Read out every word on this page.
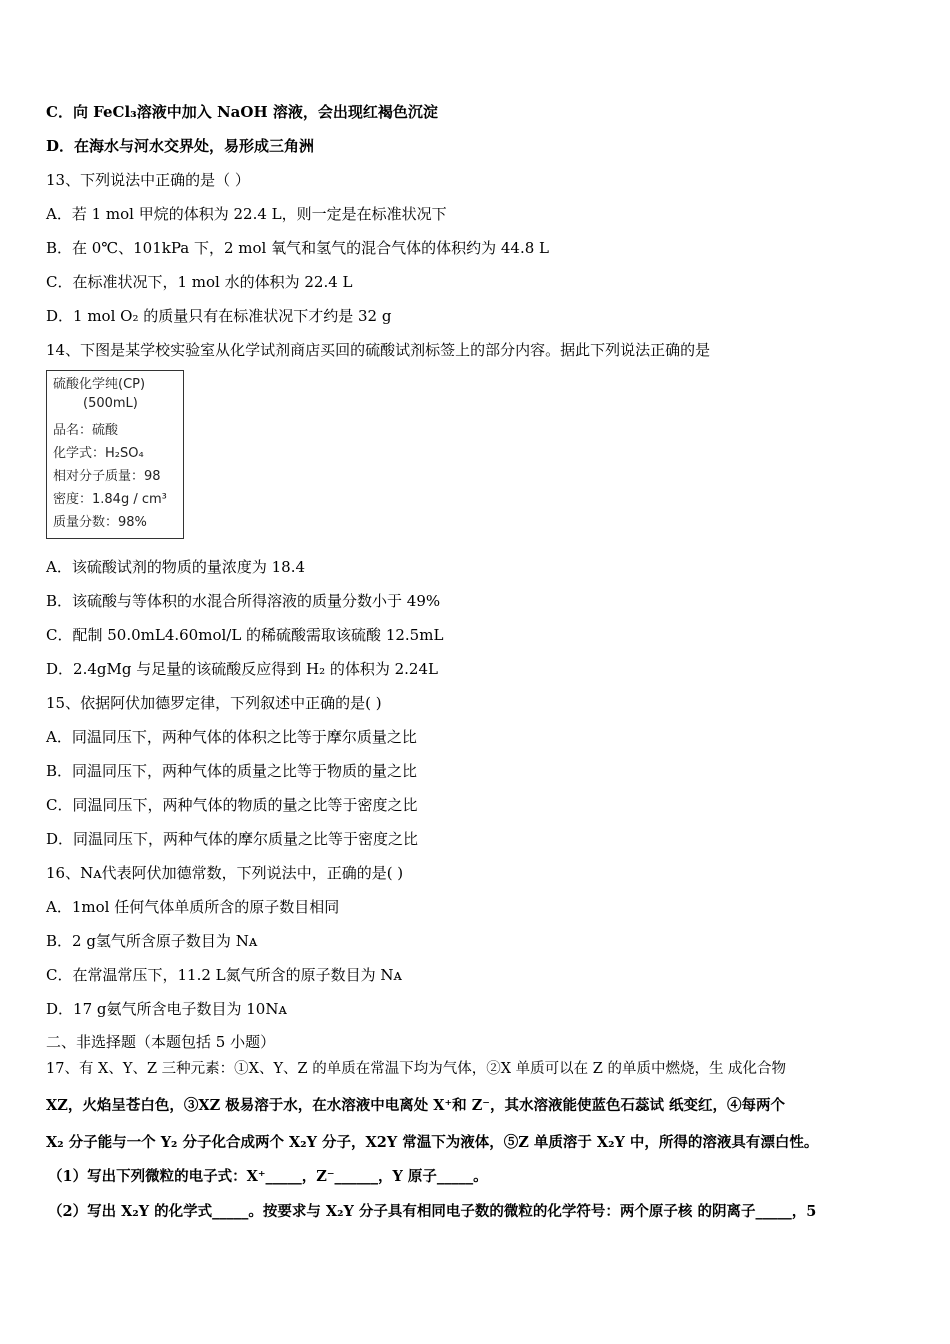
C．向 FeCl₃溶液中加入 NaOH 溶液，会出现红褐色沉淀
D．在海水与河水交界处，易形成三角洲
13、下列说法中正确的是（ ）
A．若 1 mol 甲烷的体积为 22.4 L，则一定是在标准状况下
B．在 0℃、101kPa 下，2 mol 氧气和氢气的混合气体的体积约为 44.8 L
C．在标准状况下，1 mol 水的体积为 22.4 L
D．1 mol O₂ 的质量只有在标准状况下才约是 32 g
14、下图是某学校实验室从化学试剂商店买回的硫酸试剂标签上的部分内容。据此下列说法正确的是
硫酸化学纯(CP)
(500mL)
品名：硫酸
化学式：H₂SO₄
相对分子质量：98
密度：1.84g / cm³
质量分数：98%
A．该硫酸试剂的物质的量浓度为 18.4
B．该硫酸与等体积的水混合所得溶液的质量分数小于 49%
C．配制 50.0mL4.60mol/L 的稀硫酸需取该硫酸 12.5mL
D．2.4gMg 与足量的该硫酸反应得到 H₂ 的体积为 2.24L
15、依据阿伏加德罗定律，下列叙述中正确的是( )
A．同温同压下，两种气体的体积之比等于摩尔质量之比
B．同温同压下，两种气体的质量之比等于物质的量之比
C．同温同压下，两种气体的物质的量之比等于密度之比
D．同温同压下，两种气体的摩尔质量之比等于密度之比
16、Nᴀ代表阿伏加德常数，下列说法中，正确的是( )
A．1mol 任何气体单质所含的原子数目相同
B．2 g氢气所含原子数目为 Nᴀ
C．在常温常压下，11.2 L氮气所含的原子数目为 Nᴀ
D．17 g氨气所含电子数目为 10Nᴀ
二、非选择题（本题包括 5 小题）
17、有 X、Y、Z 三种元素：①X、Y、Z 的单质在常温下均为气体，②X 单质可以在 Z 的单质中燃烧，生 成化合物
XZ，火焰呈苍白色，③XZ 极易溶于水，在水溶液中电离处 X⁺和 Z⁻，其水溶液能使蓝色石蕊试 纸变红，④每两个
X₂ 分子能与一个 Y₂ 分子化合成两个 X₂Y 分子，X2Y 常温下为液体，⑤Z 单质溶于 X₂Y 中，所得的溶液具有漂白性。
（1）写出下列微粒的电子式：X⁺_____，Z⁻______，Y 原子_____。
（2）写出 X₂Y 的化学式_____。按要求与 X₂Y 分子具有相同电子数的微粒的化学符号：两个原子核 的阴离子_____，5
